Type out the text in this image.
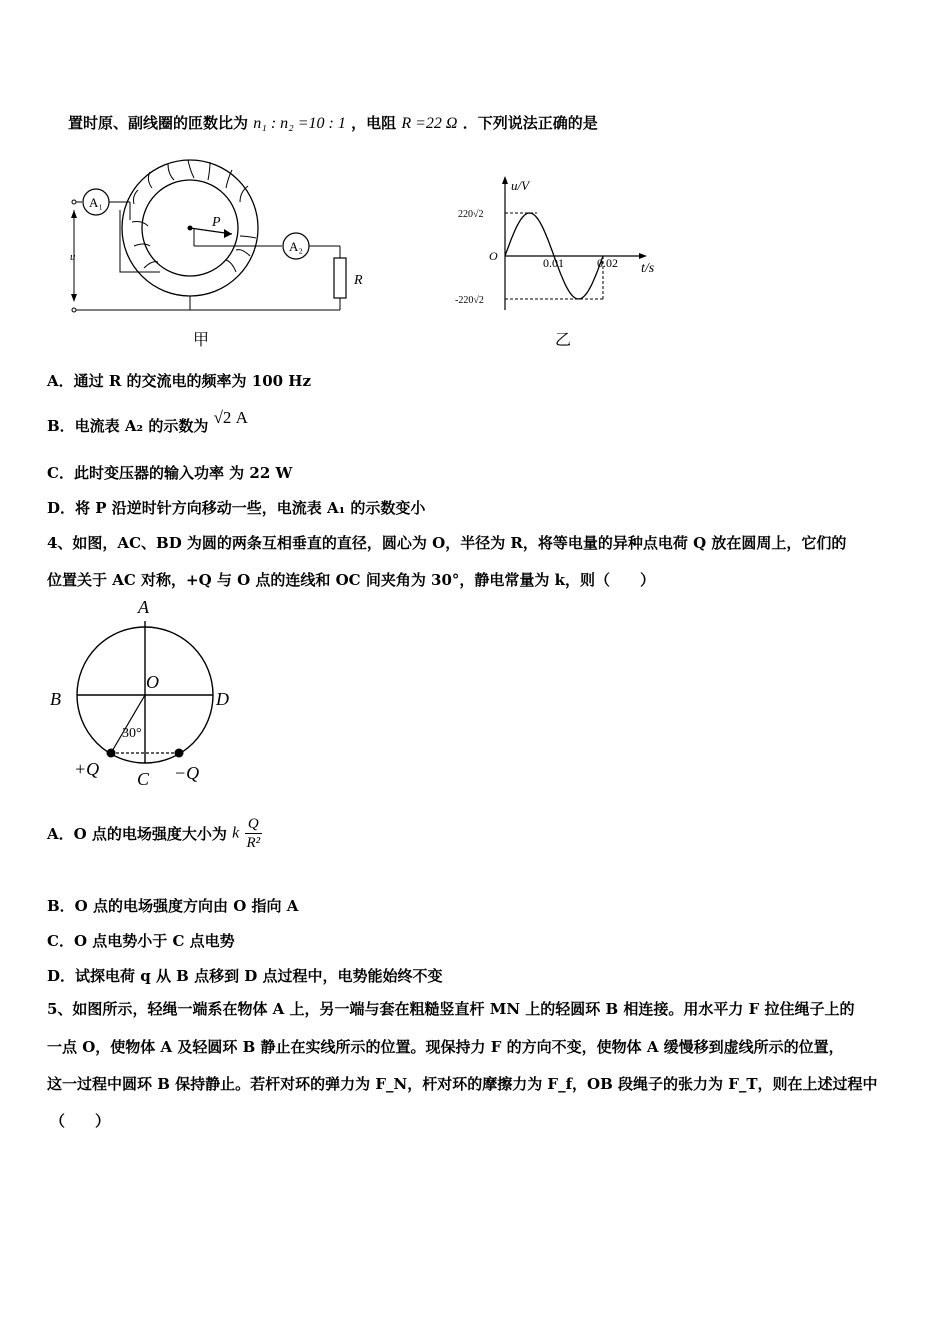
置时原、副线圈的匝数比为 n₁ : n₂ =10 : 1 ，电阻 R =22 Ω ．下列说法正确的是
A₁
u
P
A₂
R
甲
u/V
t/s
O
220√2
-220√2
0.01	0.02
乙
A．通过 R 的交流电的频率为 100 Hz
B．电流表 A₂ 的示数为 √2 A
C．此时变压器的输入功率 为 22 W
D．将 P 沿逆时针方向移动一些，电流表 A₁ 的示数变小
4、如图，AC、BD 为圆的两条互相垂直的直径，圆心为 O，半径为 R，将等电量的异种点电荷 Q 放在圆周上，它们的
位置关于 AC 对称，+Q 与 O 点的连线和 OC 间夹角为 30°，静电常量为 k，则（　　）
A
B	D
O
C
30°
+Q	−Q
A．O 点的电场强度大小为 k $\frac{Q}{\text{R²}}$
B．O 点的电场强度方向由 O 指向 A
C．O 点电势小于 C 点电势
D．试探电荷 q 从 B 点移到 D 点过程中，电势能始终不变
5、如图所示，轻绳一端系在物体 A 上，另一端与套在粗糙竖直杆 MN 上的轻圆环 B 相连接。用水平力 F 拉住绳子上的
一点 O，使物体 A 及轻圆环 B 静止在实线所示的位置。现保持力 F 的方向不变，使物体 A 缓慢移到虚线所示的位置，
这一过程中圆环 B 保持静止。若杆对环的弹力为 F_N，杆对环的摩擦力为 F_f，OB 段绳子的张力为 F_T，则在上述过程中
（　　）
